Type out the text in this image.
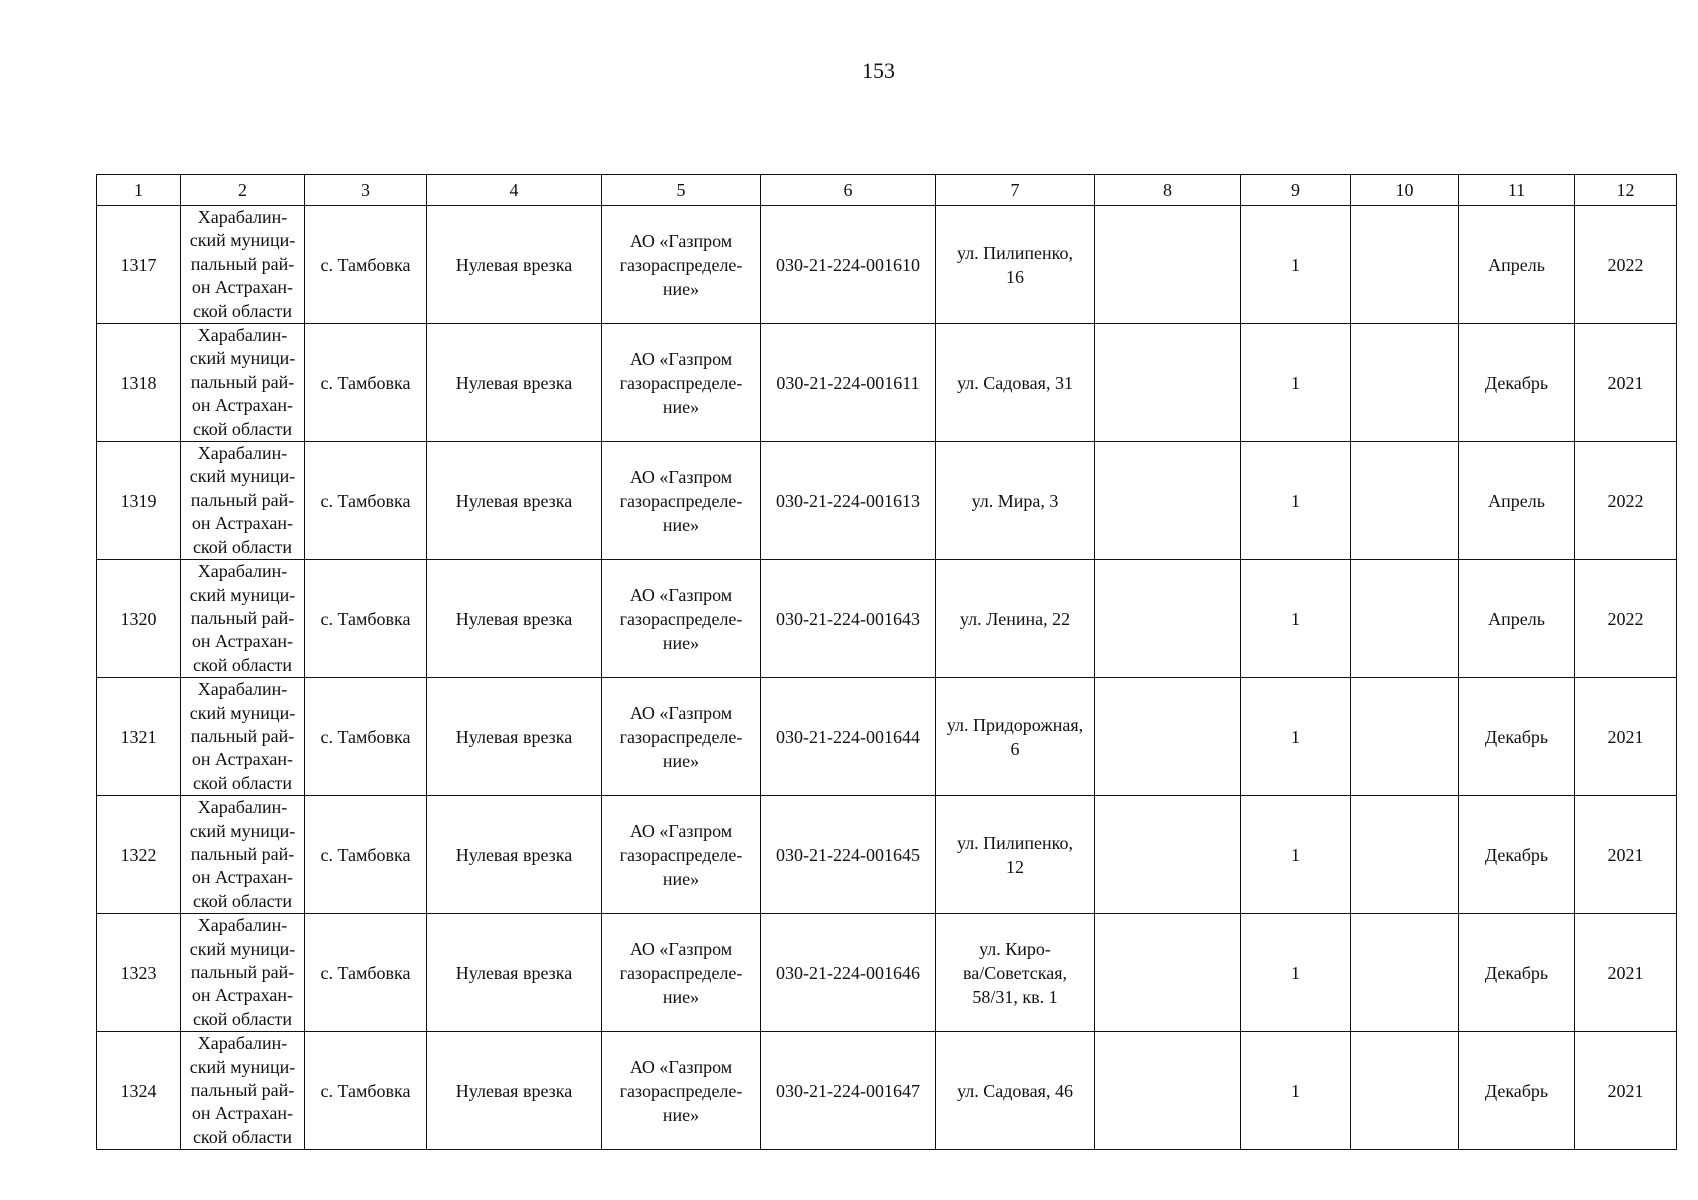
153
1	2	3	4	5	6	7	8	9	10	11	12
1317	Харабалин-
ский муници-
пальный рай-
он Астрахан-
ской области	с. Тамбовка	Нулевая врезка	АО «Газпром
газораспределе-
ние»	030-21-224-001610	ул. Пилипенко,
16		1		Апрель	2022
1318	Харабалин-
ский муници-
пальный рай-
он Астрахан-
ской области	с. Тамбовка	Нулевая врезка	АО «Газпром
газораспределе-
ние»	030-21-224-001611	ул. Садовая, 31		1		Декабрь	2021
1319	Харабалин-
ский муници-
пальный рай-
он Астрахан-
ской области	с. Тамбовка	Нулевая врезка	АО «Газпром
газораспределе-
ние»	030-21-224-001613	ул. Мира, 3		1		Апрель	2022
1320	Харабалин-
ский муници-
пальный рай-
он Астрахан-
ской области	с. Тамбовка	Нулевая врезка	АО «Газпром
газораспределе-
ние»	030-21-224-001643	ул. Ленина, 22		1		Апрель	2022
1321	Харабалин-
ский муници-
пальный рай-
он Астрахан-
ской области	с. Тамбовка	Нулевая врезка	АО «Газпром
газораспределе-
ние»	030-21-224-001644	ул. Придорожная,
6		1		Декабрь	2021
1322	Харабалин-
ский муници-
пальный рай-
он Астрахан-
ской области	с. Тамбовка	Нулевая врезка	АО «Газпром
газораспределе-
ние»	030-21-224-001645	ул. Пилипенко,
12		1		Декабрь	2021
1323	Харабалин-
ский муници-
пальный рай-
он Астрахан-
ской области	с. Тамбовка	Нулевая врезка	АО «Газпром
газораспределе-
ние»	030-21-224-001646	ул. Киро-
ва/Советская,
58/31, кв. 1		1		Декабрь	2021
1324	Харабалин-
ский муници-
пальный рай-
он Астрахан-
ской области	с. Тамбовка	Нулевая врезка	АО «Газпром
газораспределе-
ние»	030-21-224-001647	ул. Садовая, 46		1		Декабрь	2021
